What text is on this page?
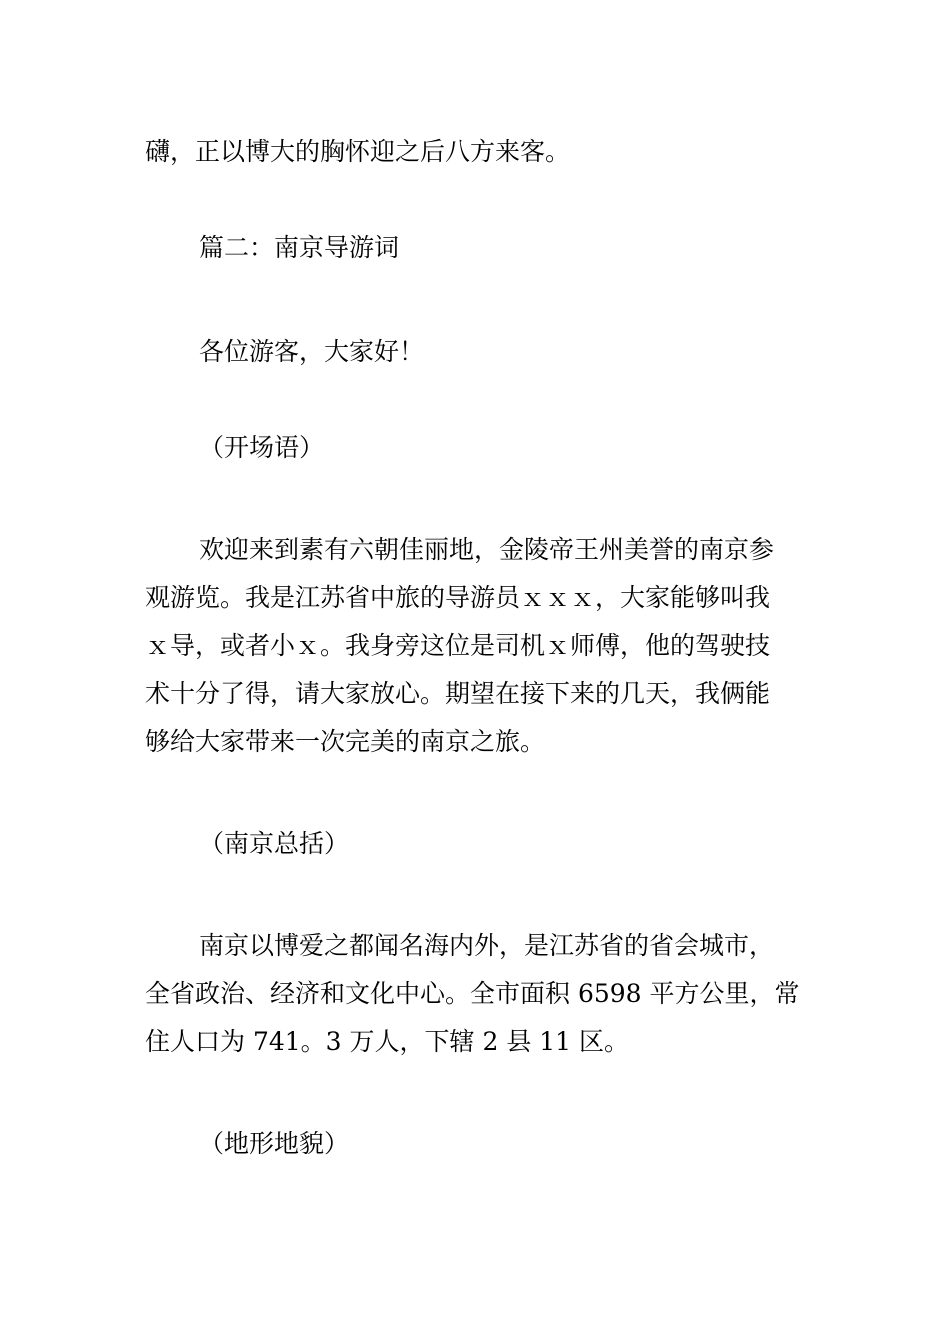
礴，正以博大的胸怀迎之后八方来客。
篇二：南京导游词
各位游客，大家好！
（开场语）
欢迎来到素有六朝佳丽地，金陵帝王州美誉的南京参
观游览。我是江苏省中旅的导游员ｘｘｘ，大家能够叫我
ｘ导，或者小ｘ。我身旁这位是司机ｘ师傅，他的驾驶技
术十分了得，请大家放心。期望在接下来的几天，我俩能
够给大家带来一次完美的南京之旅。
（南京总括）
南京以博爱之都闻名海内外，是江苏省的省会城市，
全省政治、经济和文化中心。全市面积 6598 平方公里，常
住人口为 741。3 万人，下辖 2 县 11 区。
（地形地貌）
